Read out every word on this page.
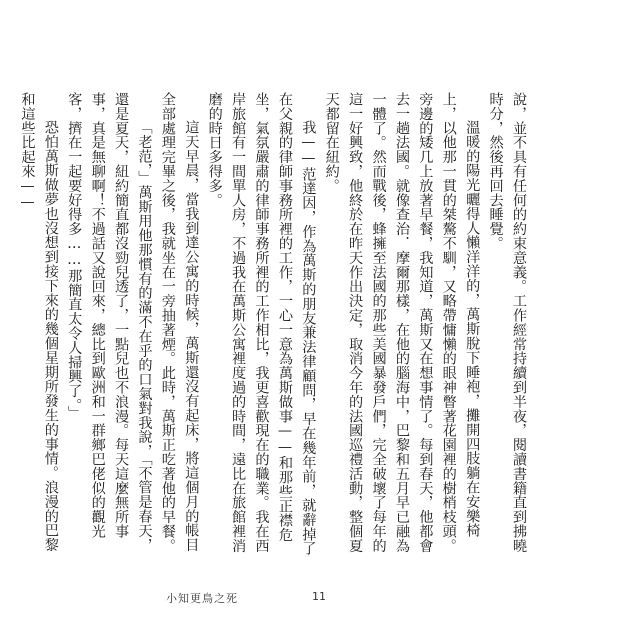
說，並不具有任何的約束意義。工作經常持續到半夜，閱讀書籍直到拂曉時分，然後再回去睡覺。

溫暖的陽光曬得人懶洋洋的，萬斯脫下睡袍，攤開四肢躺在安樂椅上，以他那一貫的桀驁不馴，又略帶慵懶的眼神瞥著花園裡的樹梢枝頭。旁邊的矮几上放著早餐，我知道，萬斯又在想事情了。每到春天，他都會去一趟法國。就像查治．摩爾那樣，在他的腦海中，巴黎和五月早已融為一體了。然而戰後，蜂擁至法國的那些美國暴發戶們，完全破壞了每年的這一好興致，他終於在昨天作出決定，取消今年的法國巡禮活動，整個夏天都留在紐約。

我——范達因，作為萬斯的朋友兼法律顧問，早在幾年前，就辭掉了在父親的律師事務所裡的工作，一心一意為萬斯做事——和那些正襟危坐，氣氛嚴肅的律師事務所裡的工作相比，我更喜歡現在的職業。我在西岸旅館有一間單人房，不過我在萬斯公寓裡度過的時間，遠比在旅館裡消磨的時日多得多。

這天早晨，當我到達公寓的時候，萬斯還沒有起床，將這個月的帳目全部處理完畢之後，我就坐在一旁抽著煙。此時，萬斯正吃著他的早餐。

「老范，」萬斯用他那慣有的滿不在乎的口氣對我說，「不管是春天，還是夏天，紐約簡直都沒勁兒透了，一點兒也不浪漫。每天這麼無所事事，真是無聊啊！不過話又說回來，總比到歐洲和一群鄉巴佬似的觀光客，擠在一起要好得多……那簡直太令人掃興了。」

恐怕萬斯做夢也沒想到接下來的幾個星期所發生的事情。浪漫的巴黎和這些比起來——

小知更鳥之死	11
